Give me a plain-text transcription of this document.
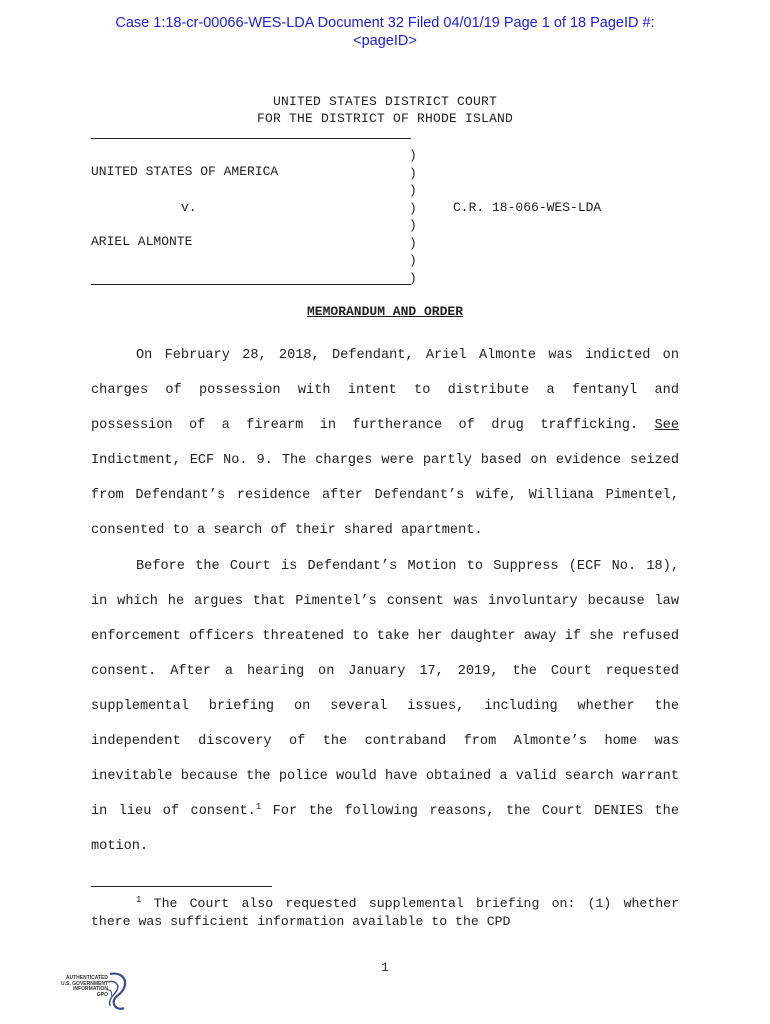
Case 1:18-cr-00066-WES-LDA Document 32 Filed 04/01/19 Page 1 of 18 PageID #:
<pageID>
UNITED STATES DISTRICT COURT
FOR THE DISTRICT OF RHODE ISLAND
UNITED STATES OF AMERICA
v.	C.R. 18-066-WES-LDA
ARIEL ALMONTE
)
)
)
)
)
)
)
)
MEMORANDUM AND ORDER

On February 28, 2018, Defendant, Ariel Almonte was indicted on charges of possession with intent to distribute a fentanyl and possession of a firearm in furtherance of drug trafficking. See Indictment, ECF No. 9. The charges were partly based on evidence seized from Defendant’s residence after Defendant’s wife, Williana Pimentel, consented to a search of their shared apartment.

Before the Court is Defendant’s Motion to Suppress (ECF No. 18), in which he argues that Pimentel’s consent was involuntary because law enforcement officers threatened to take her daughter away if she refused consent. After a hearing on January 17, 2019, the Court requested supplemental briefing on several issues, including whether the independent discovery of the contraband from Almonte’s home was inevitable because the police would have obtained a valid search warrant in lieu of consent.$^1$ For the following reasons, the Court DENIES the motion.

$^1$ The Court also requested supplemental briefing on: (1) whether there was sufficient information available to the CPD

1
AUTHENTICATED
U.S. GOVERNMENT
INFORMATION
GPO
